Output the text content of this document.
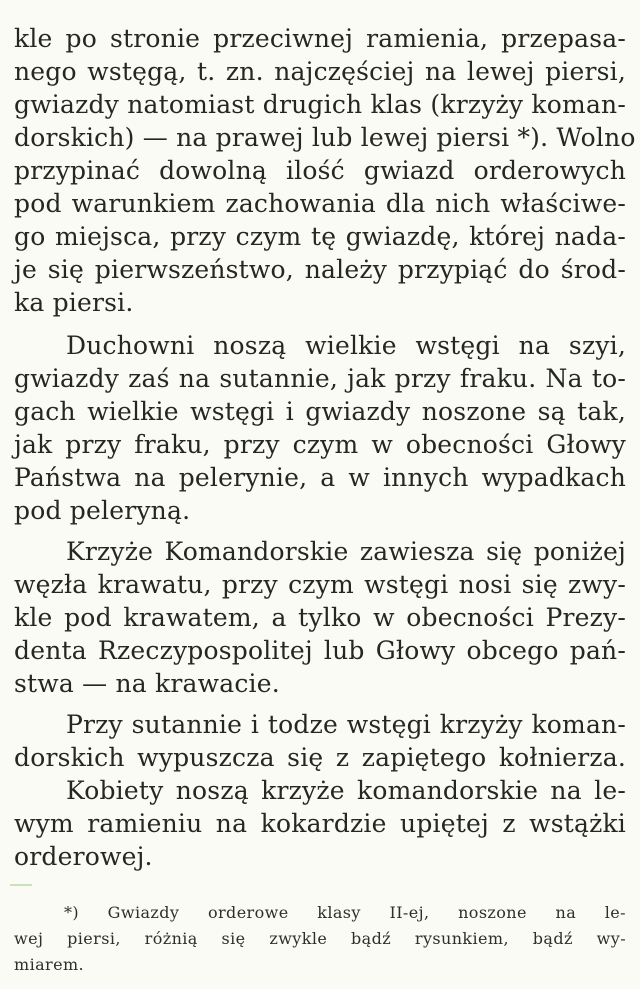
kle po stronie przeciwnej ramienia, przepasa-
nego wstęgą, t. zn. najczęściej na lewej piersi,
gwiazdy natomiast drugich klas (krzyży koman-
dorskich) — na prawej lub lewej piersi *). Wolno
przypinać dowolną ilość gwiazd orderowych
pod warunkiem zachowania dla nich właściwe-
go miejsca, przy czym tę gwiazdę, której nada-
je się pierwszeństwo, należy przypiąć do środ-
ka piersi.
Duchowni noszą wielkie wstęgi na szyi,
gwiazdy zaś na sutannie, jak przy fraku. Na to-
gach wielkie wstęgi i gwiazdy noszone są tak,
jak przy fraku, przy czym w obecności Głowy
Państwa na pelerynie, a w innych wypadkach
pod peleryną.
Krzyże Komandorskie zawiesza się poniżej
węzła krawatu, przy czym wstęgi nosi się zwy-
kle pod krawatem, a tylko w obecności Prezy-
denta Rzeczypospolitej lub Głowy obcego pań-
stwa — na krawacie.
Przy sutannie i todze wstęgi krzyży koman-
dorskich wypuszcza się z zapiętego kołnierza.
Kobiety noszą krzyże komandorskie na le-
wym ramieniu na kokardzie upiętej z wstążki
orderowej.
*) Gwiazdy orderowe klasy II-ej, noszone na le-
wej piersi, różnią się zwykle bądź rysunkiem, bądź wy-
miarem.
